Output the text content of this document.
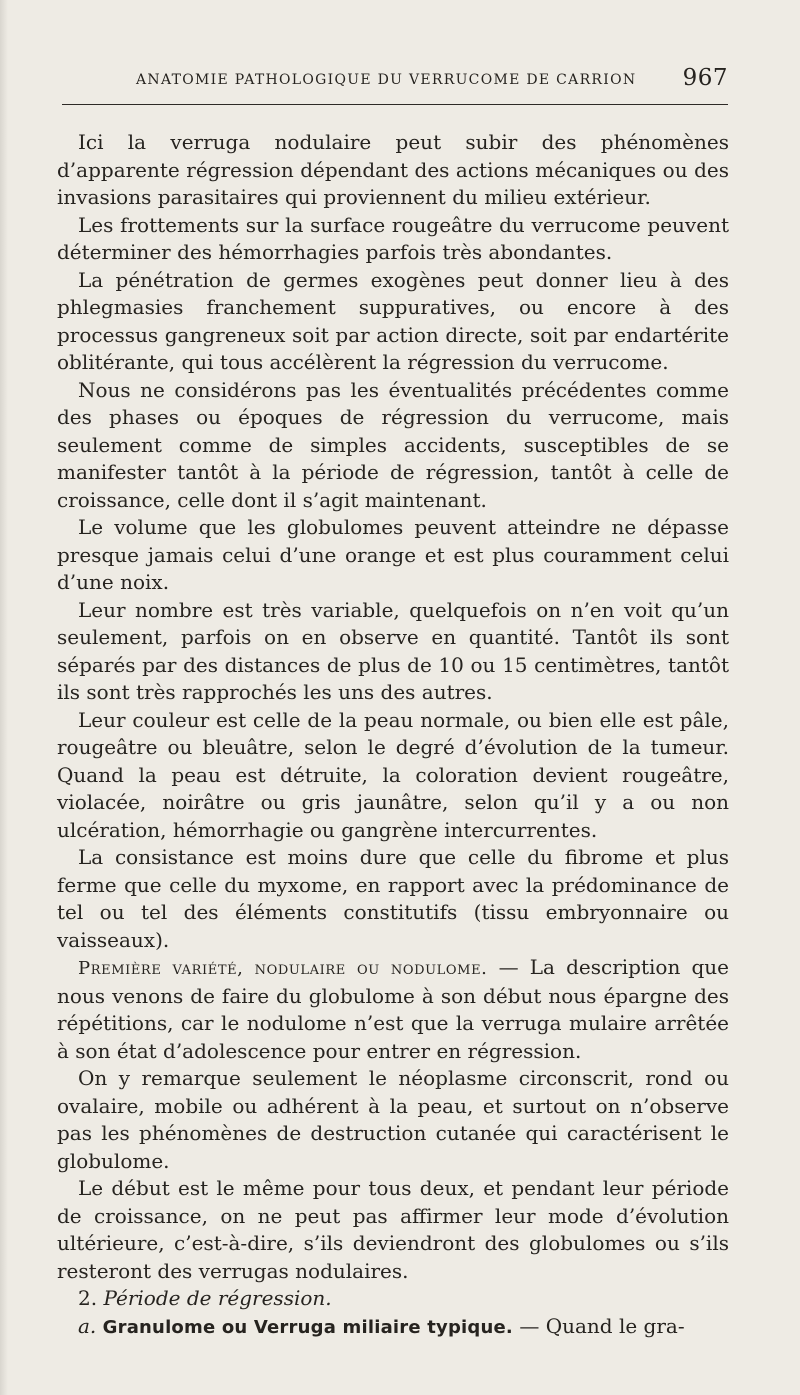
ANATOMIE PATHOLOGIQUE DU VERRUCOME DE CARRION 967

Ici la verruga nodulaire peut subir des phénomènes d’apparente régression dépendant des actions mécaniques ou des invasions parasitaires qui proviennent du milieu extérieur.

Les frottements sur la surface rougeâtre du verrucome peuvent déterminer des hémorrhagies parfois très abondantes.

La pénétration de germes exogènes peut donner lieu à des phlegmasies franchement suppuratives, ou encore à des processus gangreneux soit par action directe, soit par endartérite oblitérante, qui tous accélèrent la régression du verrucome.

Nous ne considérons pas les éventualités précédentes comme des phases ou époques de régression du verrucome, mais seulement comme de simples accidents, susceptibles de se manifester tantôt à la période de régression, tantôt à celle de croissance, celle dont il s’agit maintenant.

Le volume que les globulomes peuvent atteindre ne dépasse presque jamais celui d’une orange et est plus couramment celui d’une noix.

Leur nombre est très variable, quelquefois on n’en voit qu’un seulement, parfois on en observe en quantité. Tantôt ils sont séparés par des distances de plus de 10 ou 15 centimètres, tantôt ils sont très rapprochés les uns des autres.

Leur couleur est celle de la peau normale, ou bien elle est pâle, rougeâtre ou bleuâtre, selon le degré d’évolution de la tumeur. Quand la peau est détruite, la coloration devient rougeâtre, violacée, noirâtre ou gris jaunâtre, selon qu’il y a ou non ulcération, hémorrhagie ou gangrène intercurrentes.

La consistance est moins dure que celle du fibrome et plus ferme que celle du myxome, en rapport avec la prédominance de tel ou tel des éléments constitutifs (tissu embryonnaire ou vaisseaux).

Première variété, nodulaire ou nodulome. — La description que nous venons de faire du globulome à son début nous épargne des répétitions, car le nodulome n’est que la verruga mulaire arrêtée à son état d’adolescence pour entrer en régression.

On y remarque seulement le néoplasme circonscrit, rond ou ovalaire, mobile ou adhérent à la peau, et surtout on n’observe pas les phénomènes de destruction cutanée qui caractérisent le globulome.

Le début est le même pour tous deux, et pendant leur période de croissance, on ne peut pas affirmer leur mode d’évolution ultérieure, c’est-à-dire, s’ils deviendront des globulomes ou s’ils resteront des verrugas nodulaires.

2. Période de régression.

a. Granulome ou Verruga miliaire typique. — Quand le gra-
